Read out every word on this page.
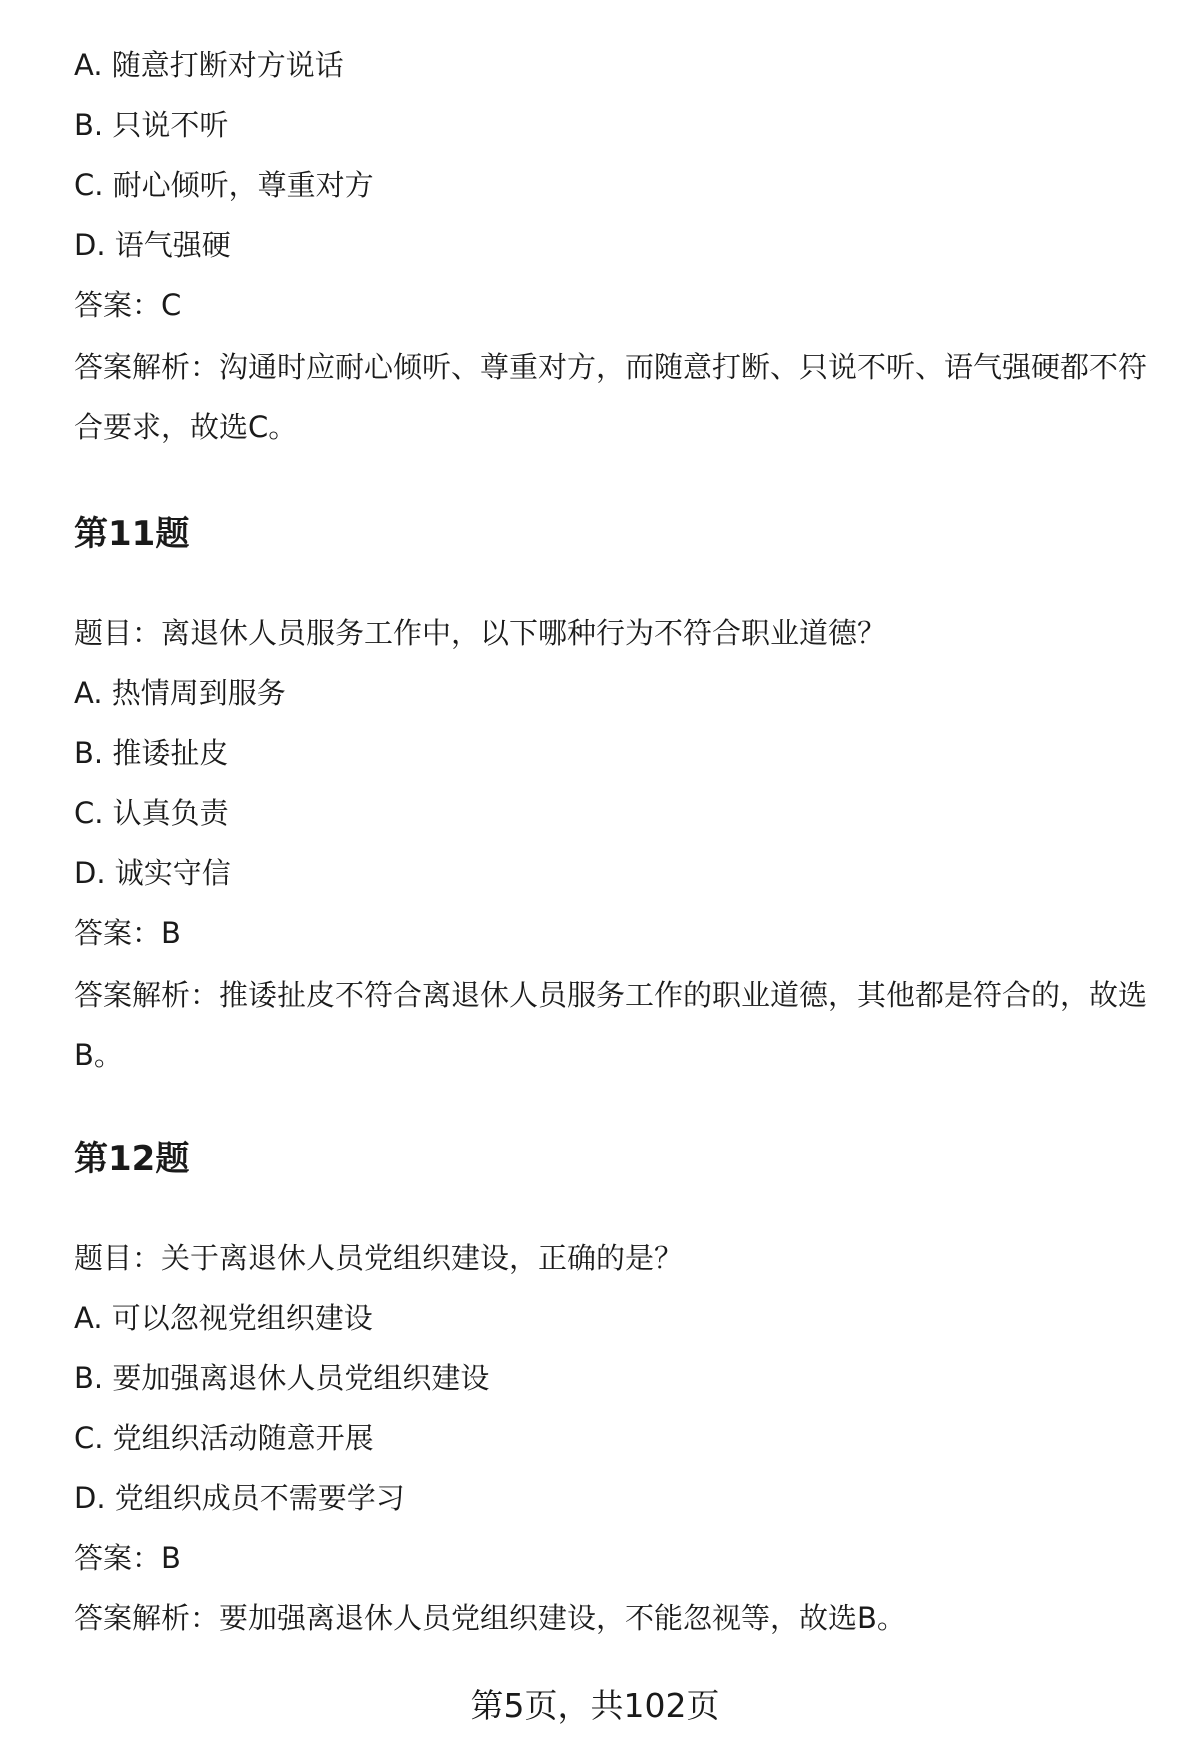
A. 随意打断对方说话
B. 只说不听
C. 耐心倾听，尊重对方
D. 语气强硬
答案：C
答案解析：沟通时应耐心倾听、尊重对方，而随意打断、只说不听、语气强硬都不符合要求，故选C。
第11题
题目：离退休人员服务工作中，以下哪种行为不符合职业道德？
A. 热情周到服务
B. 推诿扯皮
C. 认真负责
D. 诚实守信
答案：B
答案解析：推诿扯皮不符合离退休人员服务工作的职业道德，其他都是符合的，故选B。
第12题
题目：关于离退休人员党组织建设，正确的是？
A. 可以忽视党组织建设
B. 要加强离退休人员党组织建设
C. 党组织活动随意开展
D. 党组织成员不需要学习
答案：B
答案解析：要加强离退休人员党组织建设，不能忽视等，故选B。
第5页，共102页
